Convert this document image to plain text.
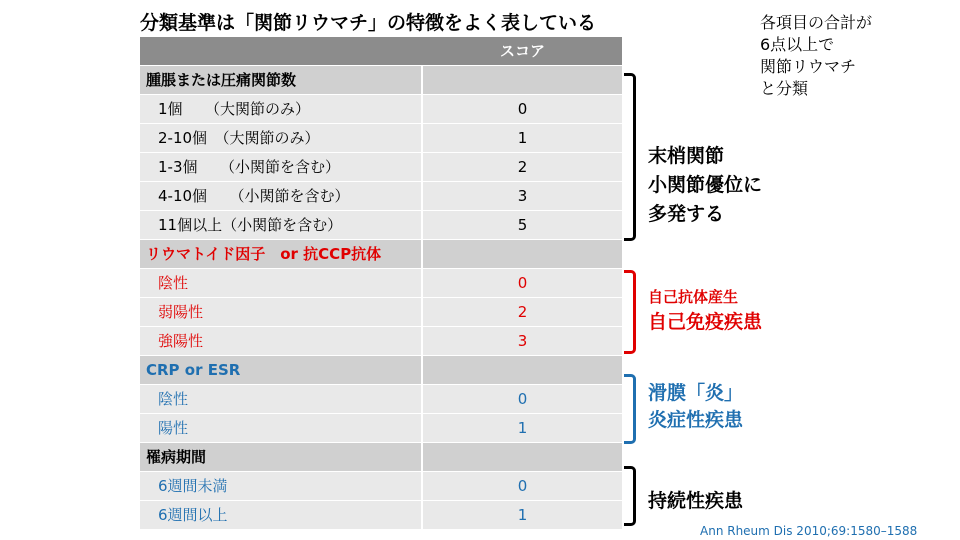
分類基準は「関節リウマチ」の特徴をよく表している	各項目の合計が
6点以上で
関節リウマチ
と分類
スコア
腫脹または圧痛関節数
1個　　（大関節のみ）	0
2-10個　（大関節のみ）	1
1-3個　　（小関節を含む）	2
4-10個　　（小関節を含む）	3
11個以上（小関節を含む）	5
リウマトイド因子　or 抗CCP抗体
陰性	0
弱陽性	2
強陽性	3
CRP or ESR
陰性	0
陽性	1
罹病期間
6週間未満	0
6週間以上	1
末梢関節
小関節優位に
多発する
自己抗体産生
自己免疫疾患
滑膜「炎」
炎症性疾患
持続性疾患
Ann Rheum Dis 2010;69:1580–1588
